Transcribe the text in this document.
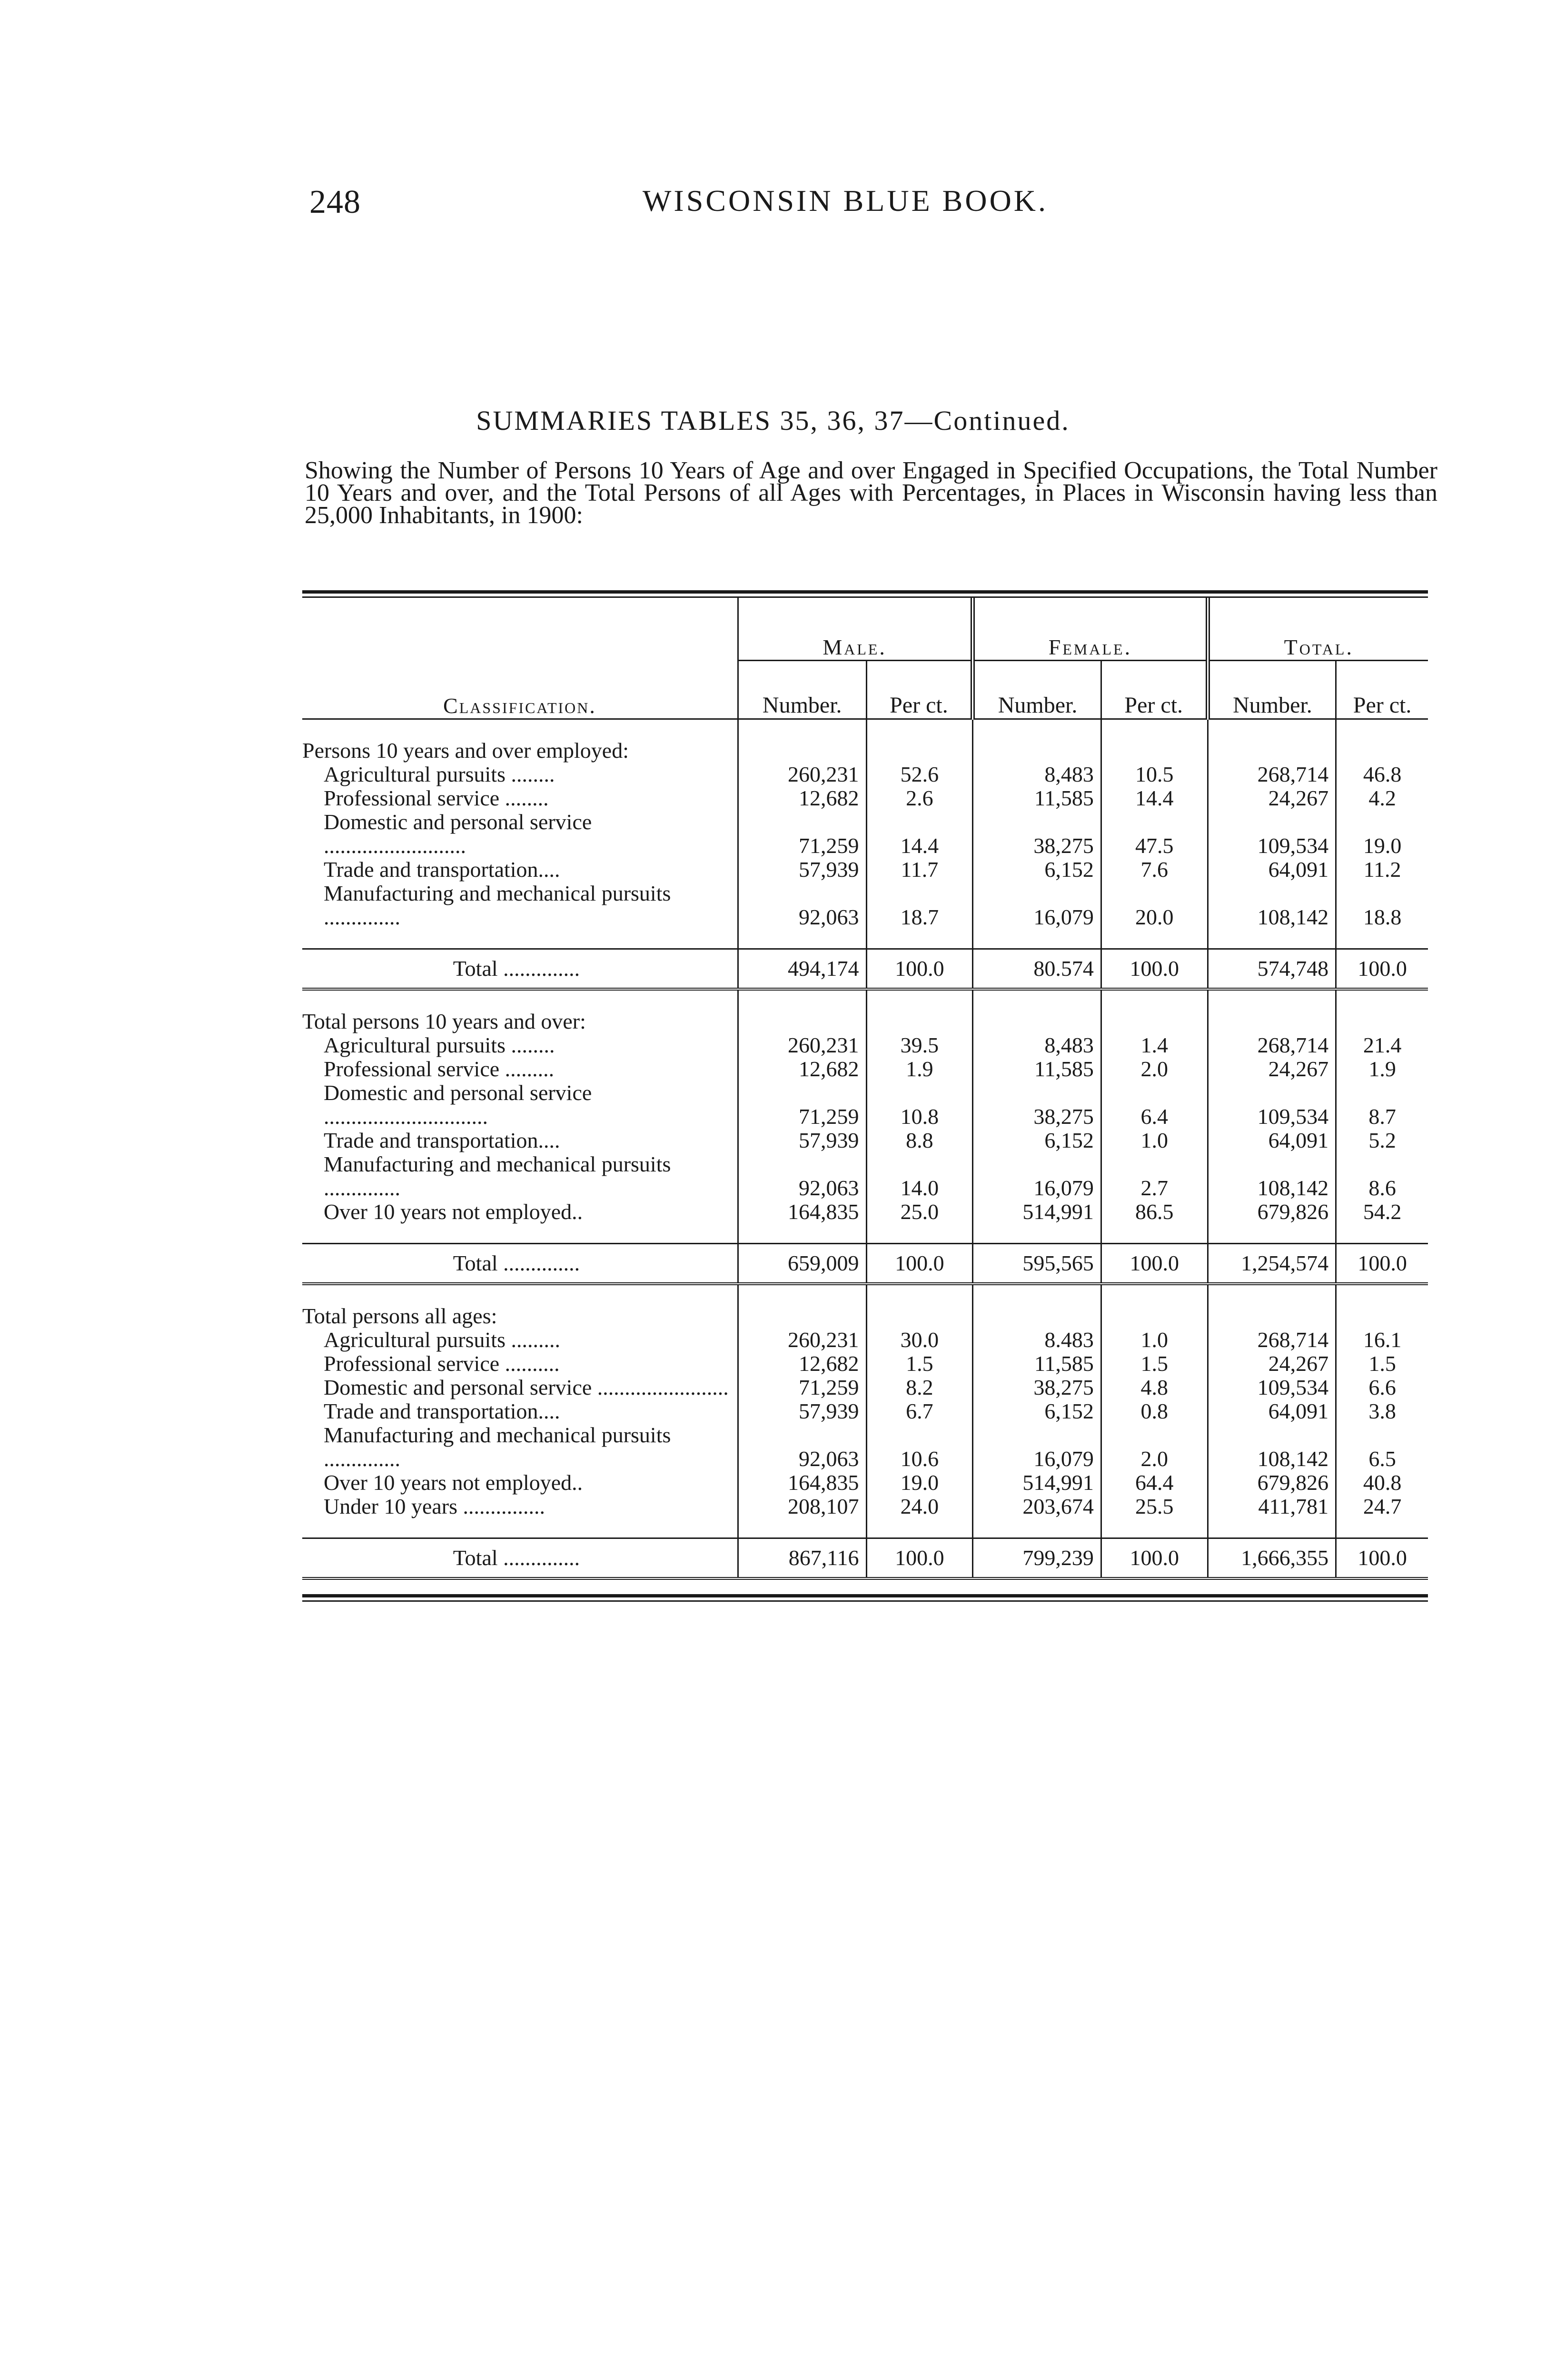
248	WISCONSIN BLUE BOOK.
SUMMARIES TABLES 35, 36, 37—Continued.
Showing the Number of Persons 10 Years of Age and over Engaged in Specified Occupations, the Total Number 10 Years and over, and the Total Persons of all Ages with Percentages, in Places in Wisconsin having less than 25,000 Inhabitants, in 1900:
Classification.	Male.		Female.		Total.	
	Number.	Per ct.	Number.	Per ct.	Number.	Per ct.
Persons 10 years and over employed:						
Agricultural pursuits ........	260,231	52.6	8,483	10.5	268,714	46.8
Professional service ........	12,682	2.6	11,585	14.4	24,267	4.2
Domestic and personal service ..........................	71,259	14.4	38,275	47.5	109,534	19.0
Trade and transportation....	57,939	11.7	6,152	7.6	64,091	11.2
Manufacturing and mechanical pursuits ..............	92,063	18.7	16,079	20.0	108,142	18.8

Total ..............	494,174	100.0	80.574	100.0	574,748	100.0
Total persons 10 years and over:						
Agricultural pursuits ........	260,231	39.5	8,483	1.4	268,714	21.4
Professional service .........	12,682	1.9	11,585	2.0	24,267	1.9
Domestic and personal service ..............................	71,259	10.8	38,275	6.4	109,534	8.7
Trade and transportation....	57,939	8.8	6,152	1.0	64,091	5.2
Manufacturing and mechanical pursuits ..............	92,063	14.0	16,079	2.7	108,142	8.6
Over 10 years not employed..	164,835	25.0	514,991	86.5	679,826	54.2

Total ..............	659,009	100.0	595,565	100.0	1,254,574	100.0
Total persons all ages:						
Agricultural pursuits .........	260,231	30.0	8.483	1.0	268,714	16.1
Professional service ..........	12,682	1.5	11,585	1.5	24,267	1.5
Domestic and personal service ........................	71,259	8.2	38,275	4.8	109,534	6.6
Trade and transportation....	57,939	6.7	6,152	0.8	64,091	3.8
Manufacturing and mechanical pursuits ..............	92,063	10.6	16,079	2.0	108,142	6.5
Over 10 years not employed..	164,835	19.0	514,991	64.4	679,826	40.8
Under 10 years ...............	208,107	24.0	203,674	25.5	411,781	24.7

Total ..............	867,116	100.0	799,239	100.0	1,666,355	100.0
